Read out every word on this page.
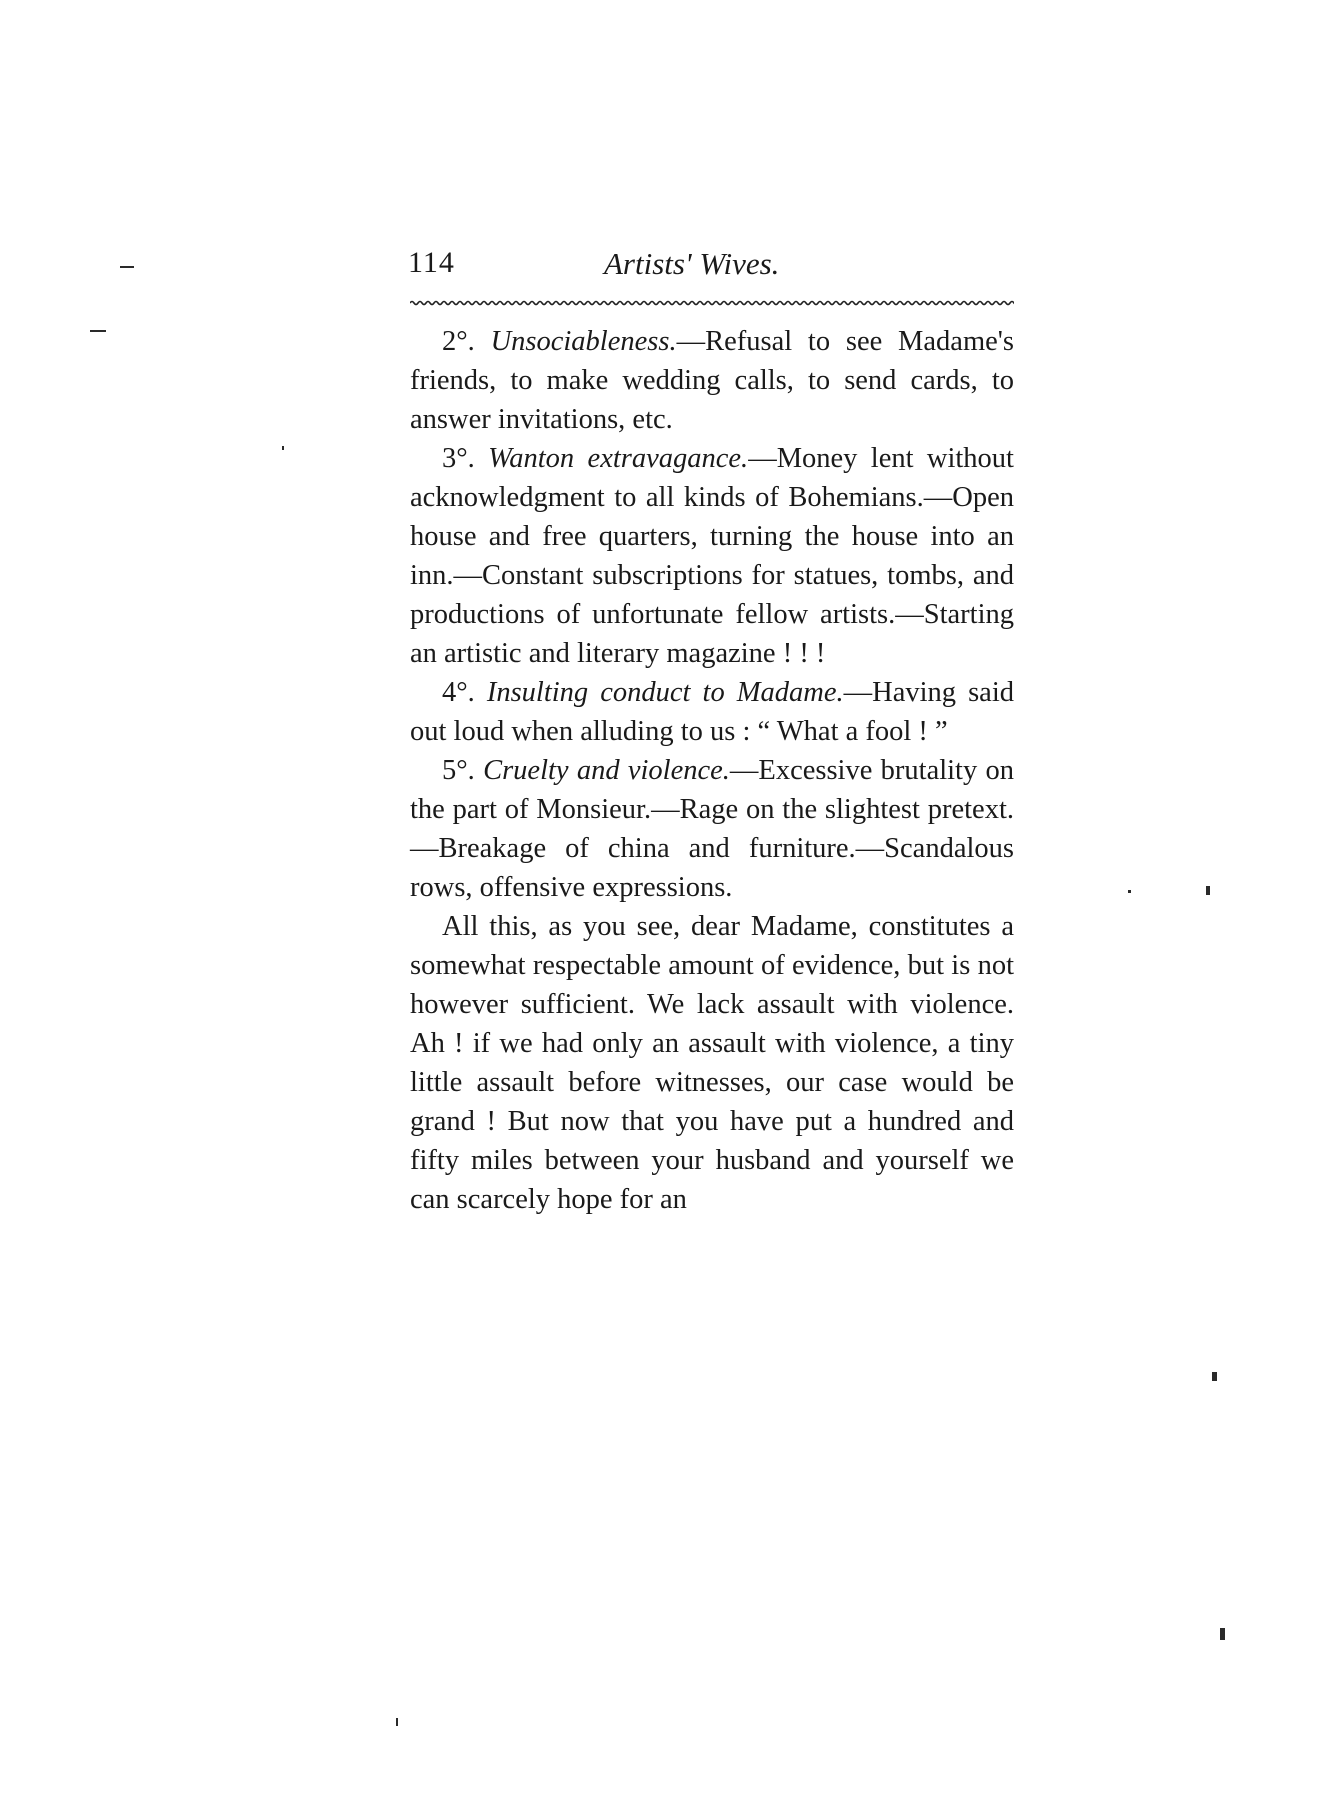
114	Artists' Wives.

2°. Unsociableness.—Refusal to see Madame's friends, to make wedding calls, to send cards, to answer invitations, etc.

3°. Wanton extravagance.—Money lent without acknowledgment to all kinds of Bohemians.—Open house and free quarters, turning the house into an inn.—Constant subscriptions for statues, tombs, and productions of unfortunate fellow artists.—Starting an artistic and literary magazine ! ! !

4°. Insulting conduct to Madame.—Having said out loud when alluding to us : “ What a fool ! ”

5°. Cruelty and violence.—Excessive brutality on the part of Monsieur.—Rage on the slightest pretext.—Breakage of china and furniture.—Scandalous rows, offensive expressions.

All this, as you see, dear Madame, constitutes a somewhat respectable amount of evidence, but is not however sufficient. We lack assault with violence. Ah ! if we had only an assault with violence, a tiny little assault before witnesses, our case would be grand ! But now that you have put a hundred and fifty miles between your husband and yourself we can scarcely hope for an
